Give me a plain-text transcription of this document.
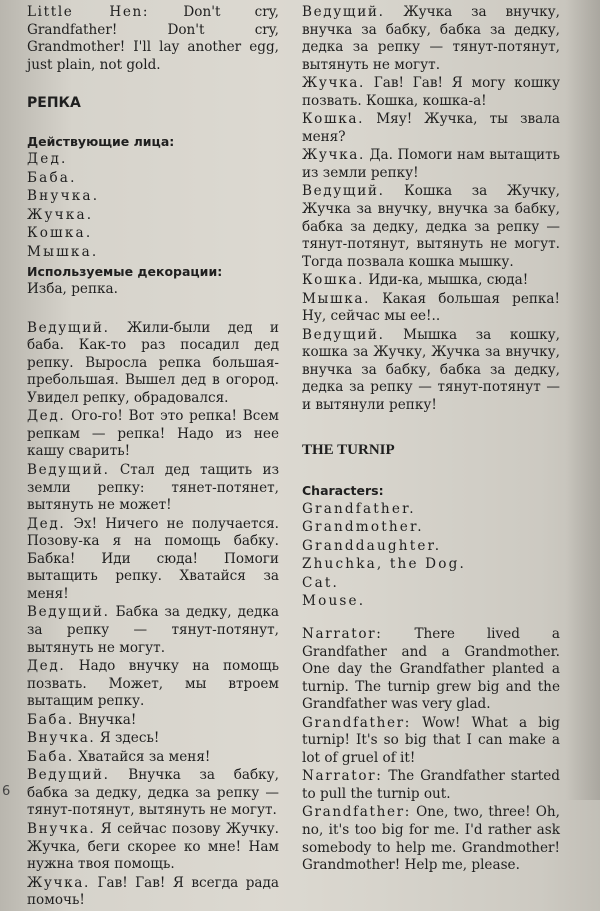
Little Hen: Don't cry, Grandfather! Don't cry, Grandmother! I'll lay another egg, just plain, not gold.

РЕПКА

Действующие лица:

Дед.

Баба.

Внучка.

Жучка.

Кошка.

Мышка.

Используемые декорации:

Изба, репка.

Ведущий. Жили-были дед и баба. Как-то раз посадил дед репку. Выросла репка большая-пребольшая. Вышел дед в огород. Увидел репку, обрадовался.

Дед. Ого-го! Вот это репка! Всем репкам — репка! Надо из нее кашу сварить!

Ведущий. Стал дед тащить из земли репку: тянет-потянет, вытянуть не может!

Дед. Эх! Ничего не получается. Позову-ка я на помощь бабку. Бабка! Иди сюда! Помоги вытащить репку. Хватайся за меня!

Ведущий. Бабка за дедку, дедка за репку — тянут-потянут, вытянуть не могут.

Дед. Надо внучку на помощь позвать. Может, мы втроем вытащим репку.

Баба. Внучка!

Внучка. Я здесь!

Баба. Хватайся за меня!

Ведущий. Внучка за бабку, бабка за дедку, дедка за репку — тянут-потянут, вытянуть не могут.

Внучка. Я сейчас позову Жучку. Жучка, беги скорее ко мне! Нам нужна твоя помощь.

Жучка. Гав! Гав! Я всегда рада помочь!

Ведущий. Жучка за внучку, внучка за бабку, бабка за дедку, дедка за репку — тянут-потянут, вытянуть не могут.

Жучка. Гав! Гав! Я могу кошку позвать. Кошка, кошка-а!

Кошка. Мяу! Жучка, ты звала меня?

Жучка. Да. Помоги нам вытащить из земли репку!

Ведущий. Кошка за Жучку, Жучка за внучку, внучка за бабку, бабка за дедку, дедка за репку — тянут-потянут, вытянуть не могут. Тогда позвала кошка мышку.

Кошка. Иди-ка, мышка, сюда!

Мышка. Какая большая репка! Ну, сейчас мы ее!..

Ведущий. Мышка за кошку, кошка за Жучку, Жучка за внучку, внучка за бабку, бабка за дедку, дедка за репку — тянут-потянут — и вытянули репку!

THE TURNIP

Characters:

Grandfather.

Grandmother.

Granddaughter.

Zhuchka, the Dog.

Cat.

Mouse.

Narrator: There lived a Grandfather and a Grandmother. One day the Grandfather planted a turnip. The turnip grew big and the Grandfather was very glad.

Grandfather: Wow! What a big turnip! It's so big that I can make a lot of gruel of it!

Narrator: The Grandfather started to pull the turnip out.

Grandfather: One, two, three! Oh, no, it's too big for me. I'd rather ask somebody to help me. Grandmother! Grandmother! Help me, please.

6
